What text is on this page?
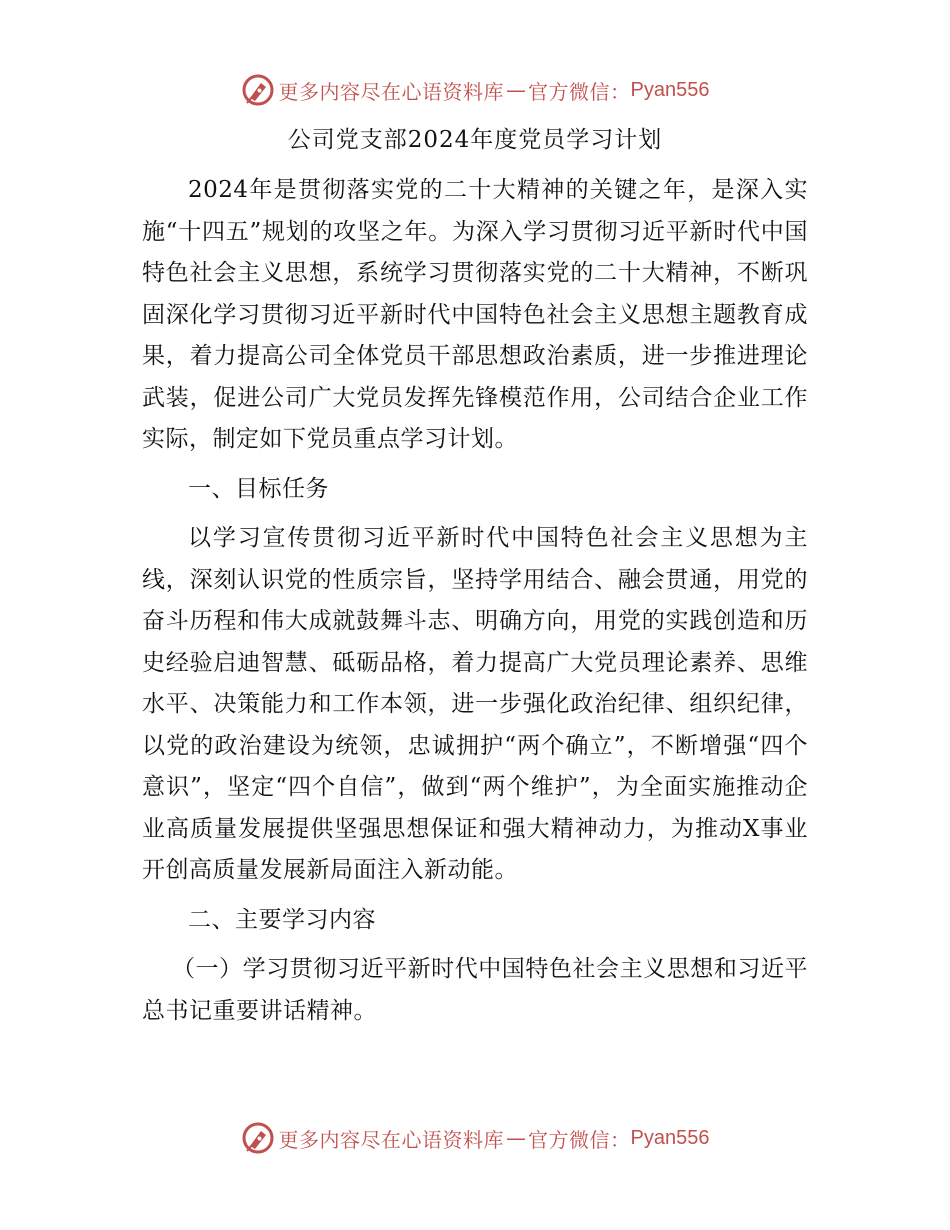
更多内容尽在心语资料库 — 官方微信： Pyan556
公司党支部2024年度党员学习计划

2024年是贯彻落实党的二十大精神的关键之年，是深入实施“十四五”规划的攻坚之年。为深入学习贯彻习近平新时代中国特色社会主义思想，系统学习贯彻落实党的二十大精神，不断巩固深化学习贯彻习近平新时代中国特色社会主义思想主题教育成果，着力提高公司全体党员干部思想政治素质，进一步推进理论武装，促进公司广大党员发挥先锋模范作用，公司结合企业工作实际，制定如下党员重点学习计划。

一、目标任务

以学习宣传贯彻习近平新时代中国特色社会主义思想为主线，深刻认识党的性质宗旨，坚持学用结合、融会贯通，用党的奋斗历程和伟大成就鼓舞斗志、明确方向，用党的实践创造和历史经验启迪智慧、砥砺品格，着力提高广大党员理论素养、思维水平、决策能力和工作本领，进一步强化政治纪律、组织纪律，以党的政治建设为统领，忠诚拥护“两个确立”，不断增强“四个意识”，坚定“四个自信”，做到“两个维护”，为全面实施推动企业高质量发展提供坚强思想保证和强大精神动力，为推动X事业开创高质量发展新局面注入新动能。

二、主要学习内容

（一）学习贯彻习近平新时代中国特色社会主义思想和习近平总书记重要讲话精神。

更多内容尽在心语资料库 — 官方微信： Pyan556
